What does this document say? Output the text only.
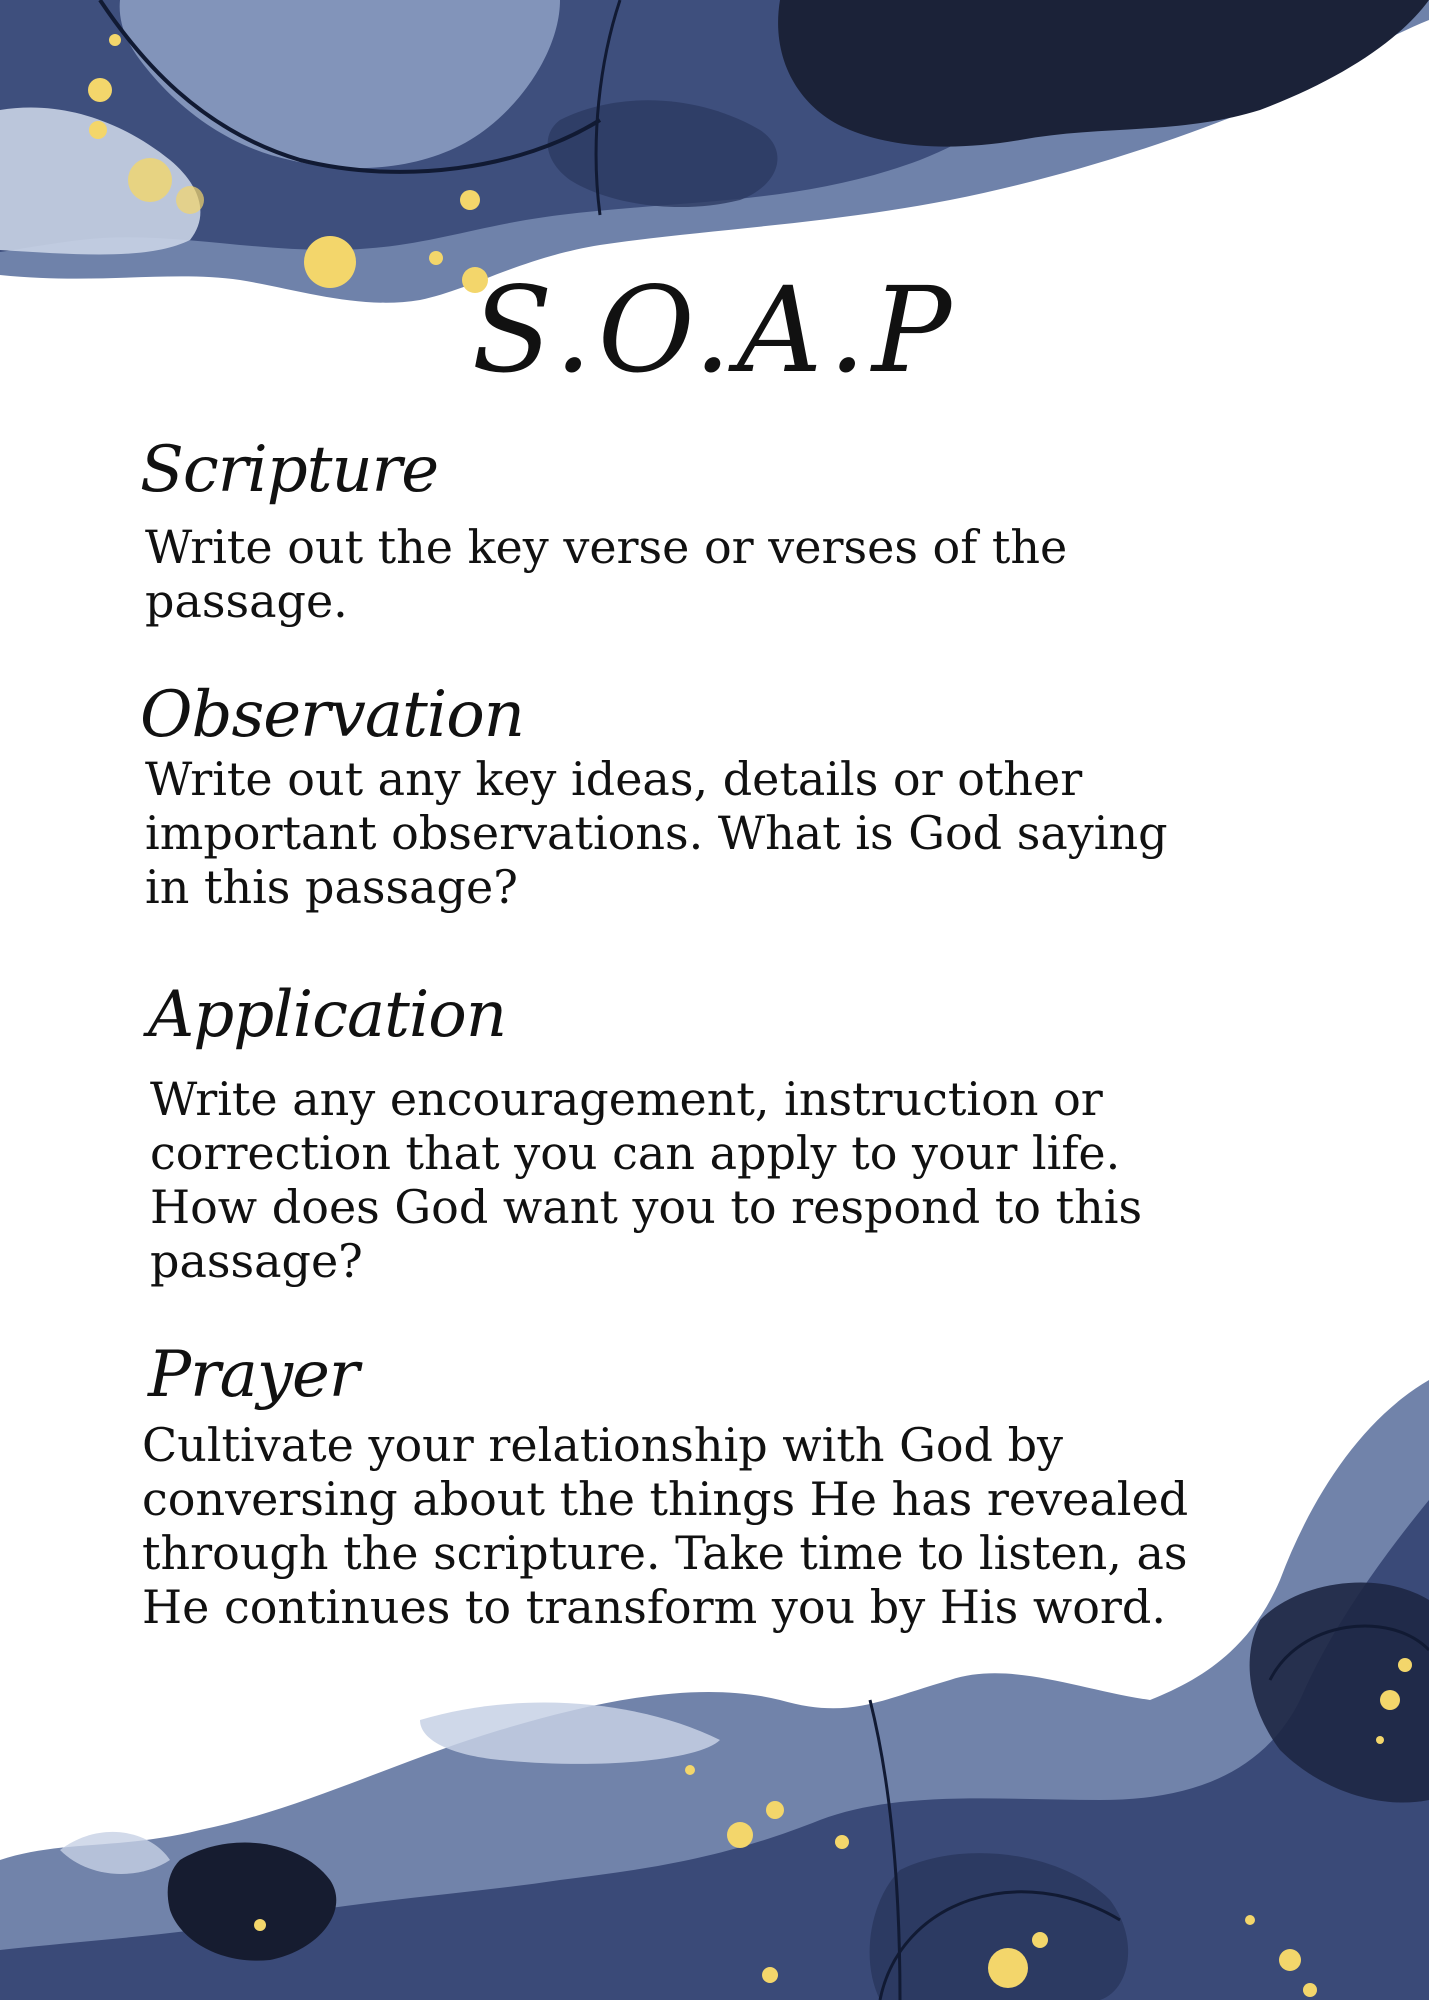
S.O.A.P
Scripture

Write out the key verse or verses of the
passage.

Observation

Write out any key ideas, details or other
important observations. What is God saying
in this passage?

Application

Write any encouragement, instruction or
correction that you can apply to your life.
How does God want you to respond to this
passage?

Prayer

Cultivate your relationship with God by
conversing about the things He has revealed
through the scripture. Take time to listen, as
He continues to transform you by His word.
